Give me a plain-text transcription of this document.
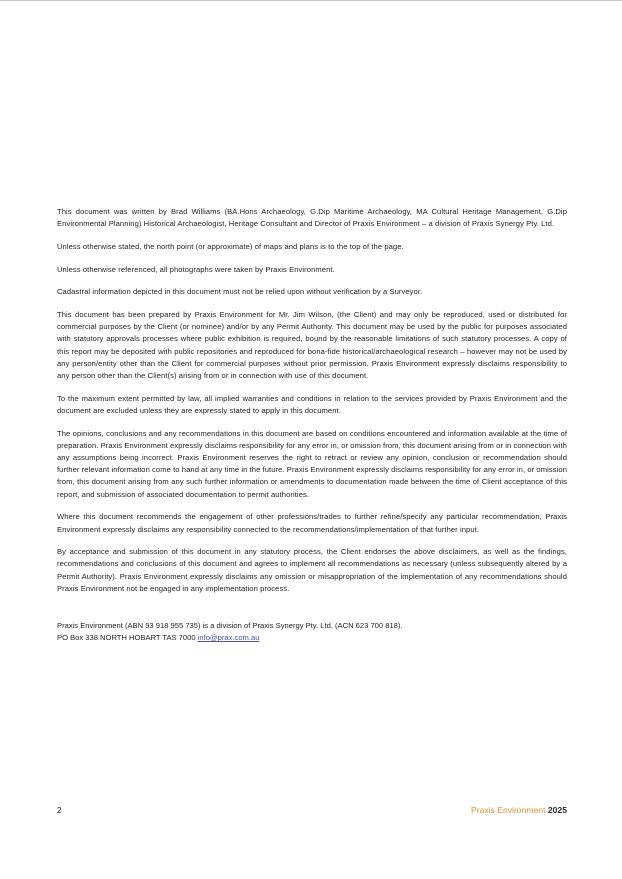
This document was written by Brad Williams (BA.Hons Archaeology, G.Dip Maritime Archaeology, MA Cultural Heritage Management, G.Dip Environmental Planning) Historical Archaeologist, Heritage Consultant and Director of Praxis Environment – a division of Praxis Synergy Pty. Ltd.

Unless otherwise stated, the north point (or approximate) of maps and plans is to the top of the page.

Unless otherwise referenced, all photographs were taken by Praxis Environment.

Cadastral information depicted in this document must not be relied upon without verification by a Surveyor.

This document has been prepared by Praxis Environment for Mr. Jim Wilson, (the Client) and may only be reproduced, used or distributed for commercial purposes by the Client (or nominee) and/or by any Permit Authority. This document may be used by the public for purposes associated with statutory approvals processes where public exhibition is required, bound by the reasonable limitations of such statutory processes. A copy of this report may be deposited with public repositories and reproduced for bona-fide historical/archaeological research – however may not be used by any person/entity other than the Client for commercial purposes without prior permission. Praxis Environment expressly disclaims responsibility to any person other than the Client(s) arising from or in connection with use of this document.

To the maximum extent permitted by law, all implied warranties and conditions in relation to the services provided by Praxis Environment and the document are excluded unless they are expressly stated to apply in this document.

The opinions, conclusions and any recommendations in this document are based on conditions encountered and information available at the time of preparation. Praxis Environment expressly disclaims responsibility for any error in, or omission from, this document arising from or in connection with any assumptions being incorrect. Praxis Environment reserves the right to retract or review any opinion, conclusion or recommendation should further relevant information come to hand at any time in the future. Praxis Environment expressly disclaims responsibility for any error in, or omission from, this document arising from any such further information or amendments to documentation made between the time of Client acceptance of this report, and submission of associated documentation to permit authorities.

Where this document recommends the engagement of other professions/trades to further refine/specify any particular recommendation, Praxis Environment expressly disclaims any responsibility connected to the recommendations/implementation of that further input.

By acceptance and submission of this document in any statutory process, the Client endorses the above disclaimers, as well as the findings, recommendations and conclusions of this document and agrees to implement all recommendations as necessary (unless subsequently altered by a Permit Authority). Praxis Environment expressly disclaims any omission or misappropriation of the implementation of any recommendations should Praxis Environment not be engaged in any implementation process.

Praxis Environment (ABN 93 918 955 735) is a division of Praxis Synergy Pty. Ltd. (ACN 623 700 818).

PO Box 338 NORTH HOBART TAS 7000 info@prax.com.au

2	Praxis Environment 2025
